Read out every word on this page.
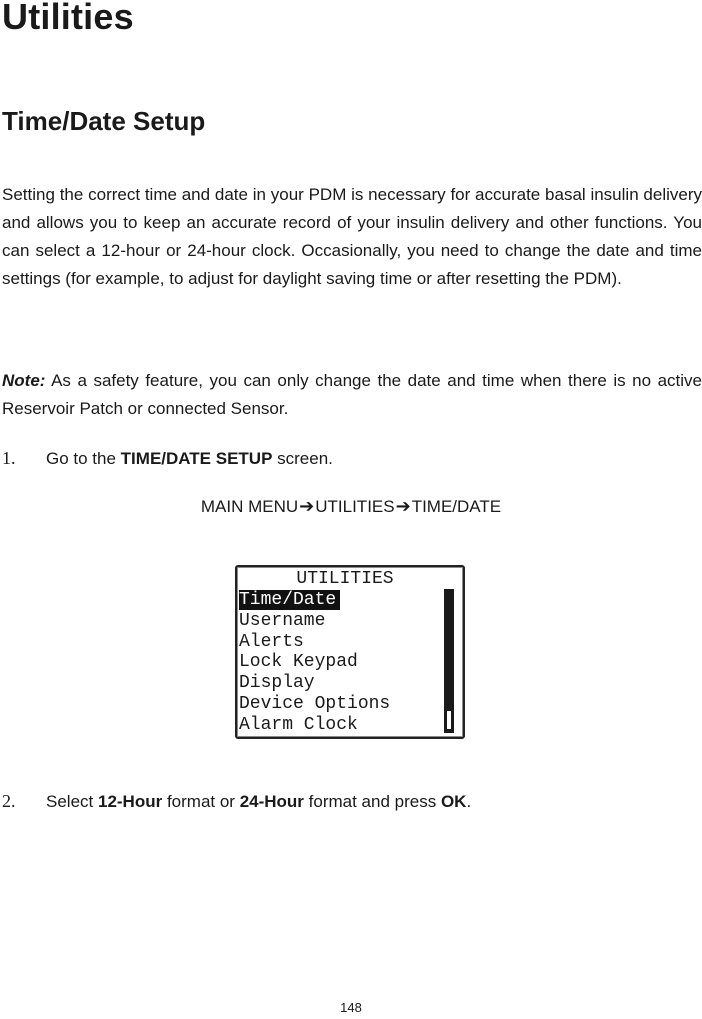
Utilities
Time/Date Setup

Setting the correct time and date in your PDM is necessary for accurate basal insulin delivery and allows you to keep an accurate record of your insulin delivery and other functions. You can select a 12-hour or 24-hour clock. Occasionally, you need to change the date and time settings (for example, to adjust for daylight saving time or after resetting the PDM).

Note: As a safety feature, you can only change the date and time when there is no active Reservoir Patch or connected Sensor.

1. Go to the TIME/DATE SETUP screen.

MAIN MENU➔UTILITIES➔TIME/DATE
UTILITIES
Time/Date
Username
Alerts
Lock Keypad
Display
Device Options
Alarm Clock

2. Select 12-Hour format or 24-Hour format and press OK.

148
